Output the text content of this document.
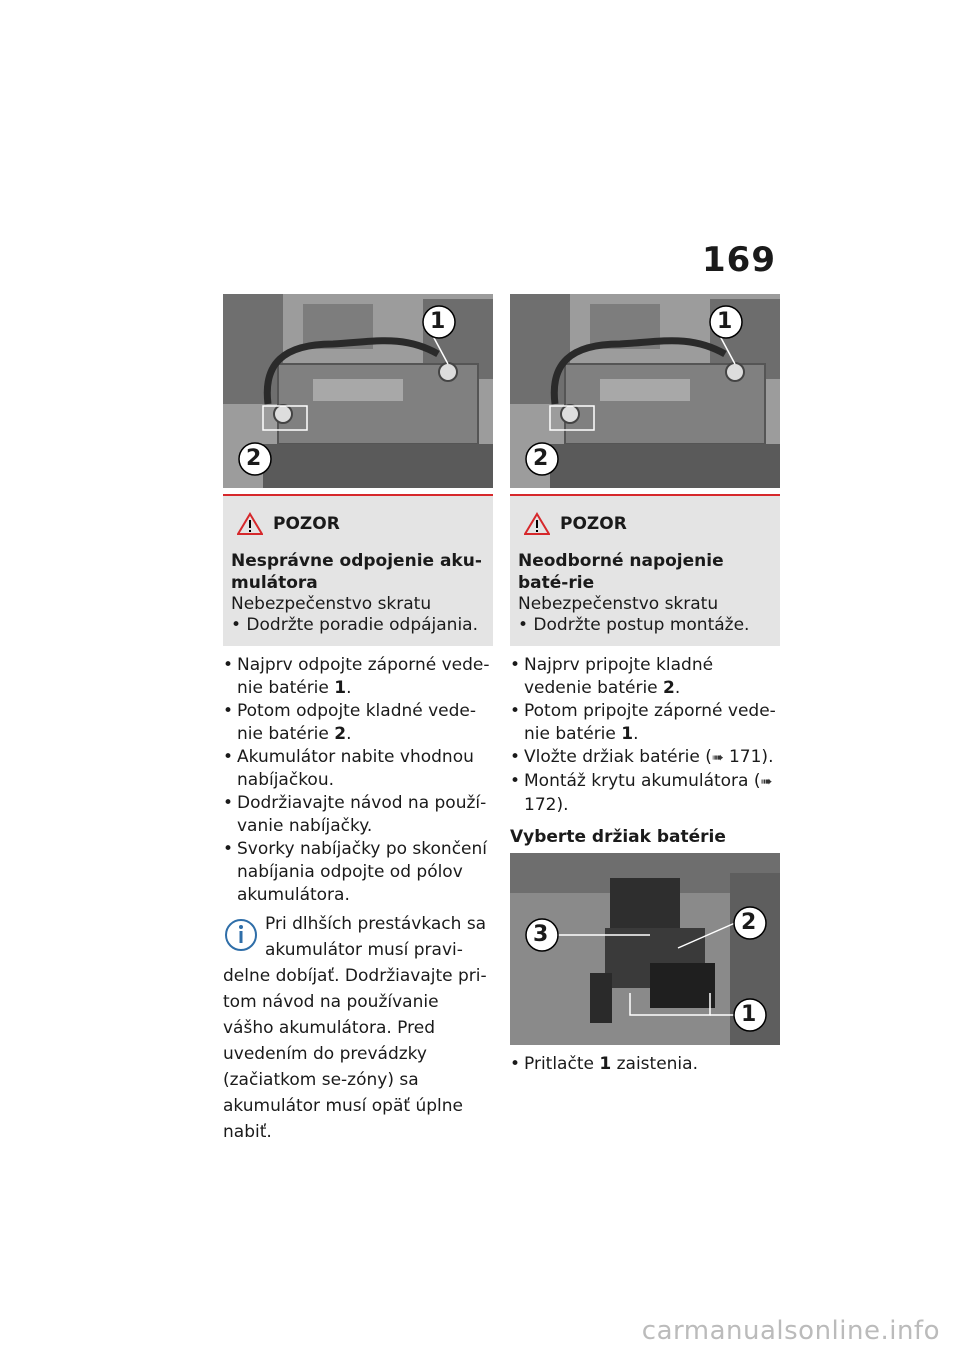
169
1
2
POZOR
Nesprávne odpojenie aku-mulátora
Nebezpečenstvo skratu
• Dodržte poradie odpájania.
• Najprv odpojte záporné vede-nie batérie 1.
• Potom odpojte kladné vede-nie batérie 2.
• Akumulátor nabite vhodnou nabíjačkou.
• Dodržiavajte návod na použí-vanie nabíjačky.
• Svorky nabíjačky po skončení nabíjania odpojte od pólov akumulátora.
Pri dlhších prestávkach sa akumulátor musí pravi-delne dobíjať. Dodržiavajte pri-tom návod na používanie vášho akumulátora. Pred uvedením do prevádzky (začiatkom se-zóny) sa akumulátor musí opäť úplne nabiť.
1
2
POZOR
Neodborné napojenie baté-rie
Nebezpečenstvo skratu
• Dodržte postup montáže.
• Najprv pripojte kladné vedenie batérie 2.
• Potom pripojte záporné vede-nie batérie 1.
• Vložte držiak batérie (➠ 171).
• Montáž krytu akumulátora (➠ 172).
Vyberte držiak batérie
3	2
1
• Pritlačte 1 zaistenia.
carmanualsonline.info
